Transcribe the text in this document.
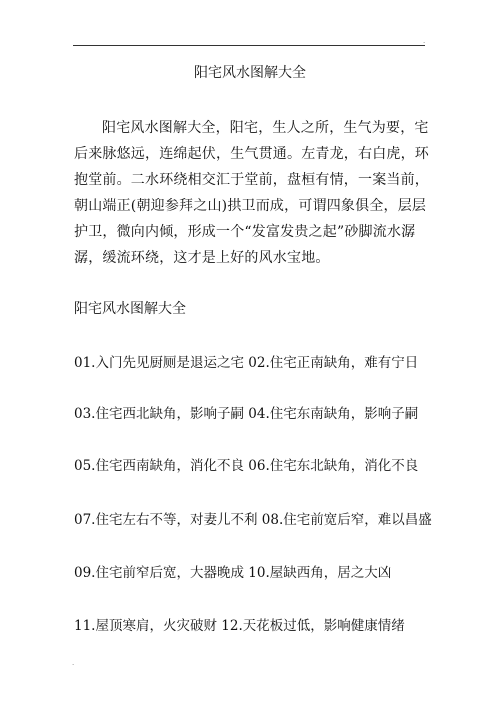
.
阳宅风水图解大全
阳宅风水图解大全，阳宅，生人之所，生气为要，宅后来脉悠远，连绵起伏，生气贯通。左青龙，右白虎，环抱堂前。二水环绕相交汇于堂前，盘桓有情，一案当前，朝山端正(朝迎参拜之山)拱卫而成，可谓四象俱全，层层护卫，微向内倾，形成一个“发富发贵之起”砂脚流水潺潺，缓流环绕，这才是上好的风水宝地。
阳宅风水图解大全
01.入门先见厨厕是退运之宅 02.住宅正南缺角，难有宁日
03.住宅西北缺角，影响子嗣 04.住宅东南缺角，影响子嗣
05.住宅西南缺角，消化不良 06.住宅东北缺角，消化不良
07.住宅左右不等，对妻儿不利 08.住宅前宽后窄，难以昌盛
09.住宅前窄后宽，大器晚成 10.屋缺西角，居之大凶
11.屋顶寒肩，火灾破财 12.天花板过低，影响健康情绪
.
